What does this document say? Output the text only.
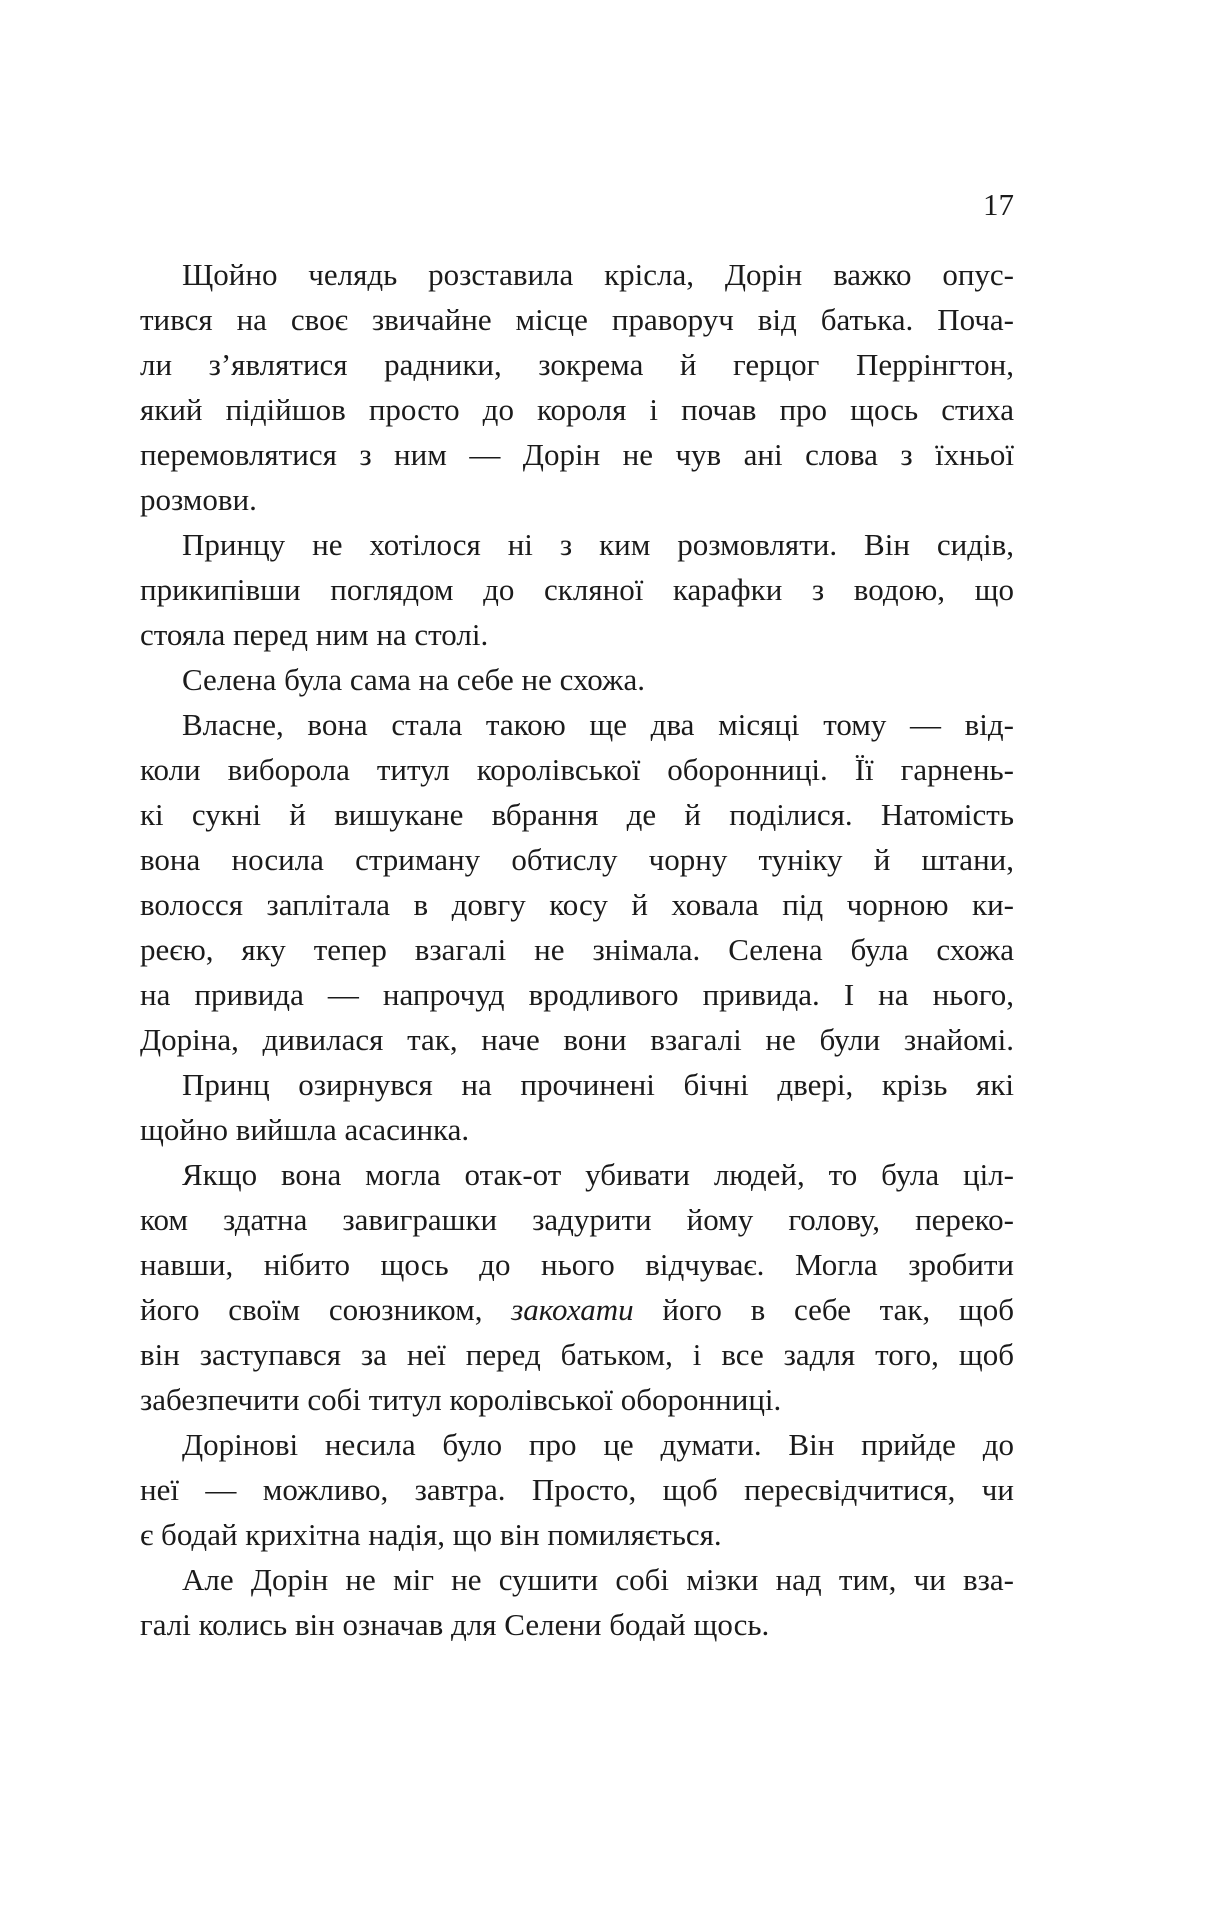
17
Щойно челядь розставила крісла, Дорін важко опус-
тився на своє звичайне місце праворуч від батька. Поча-
ли з’являтися радники, зокрема й герцог Перрінгтон,
який підійшов просто до короля і почав про щось стиха
перемовлятися з ним — Дорін не чув ані слова з їхньої
розмови.
Принцу не хотілося ні з ким розмовляти. Він сидів,
прикипівши поглядом до скляної карафки з водою, що
стояла перед ним на столі.
Селена була сама на себе не схожа.
Власне, вона стала такою ще два місяці тому — від-
коли виборола титул королівської оборонниці. Її гарнень-
кі сукні й вишукане вбрання де й поділися. Натомість
вона носила стриману обтислу чорну туніку й штани,
волосся заплітала в довгу косу й ховала під чорною ки-
реєю, яку тепер взагалі не знімала. Селена була схожа
на привида — напрочуд вродливого привида. І на нього,
Доріна, дивилася так, наче вони взагалі не були знайомі.
Принц озирнувся на прочинені бічні двері, крізь які
щойно вийшла асасинка.
Якщо вона могла отак-от убивати людей, то була ціл-
ком здатна завиграшки задурити йому голову, переко-
навши, нібито щось до нього відчуває. Могла зробити
його своїм союзником, закохати його в себе так, щоб
він заступався за неї перед батьком, і все задля того, щоб
забезпечити собі титул королівської оборонниці.
Дорінові несила було про це думати. Він прийде до
неї — можливо, завтра. Просто, щоб пересвідчитися, чи
є бодай крихітна надія, що він помиляється.
Але Дорін не міг не сушити собі мізки над тим, чи вза-
галі колись він означав для Селени бодай щось.
